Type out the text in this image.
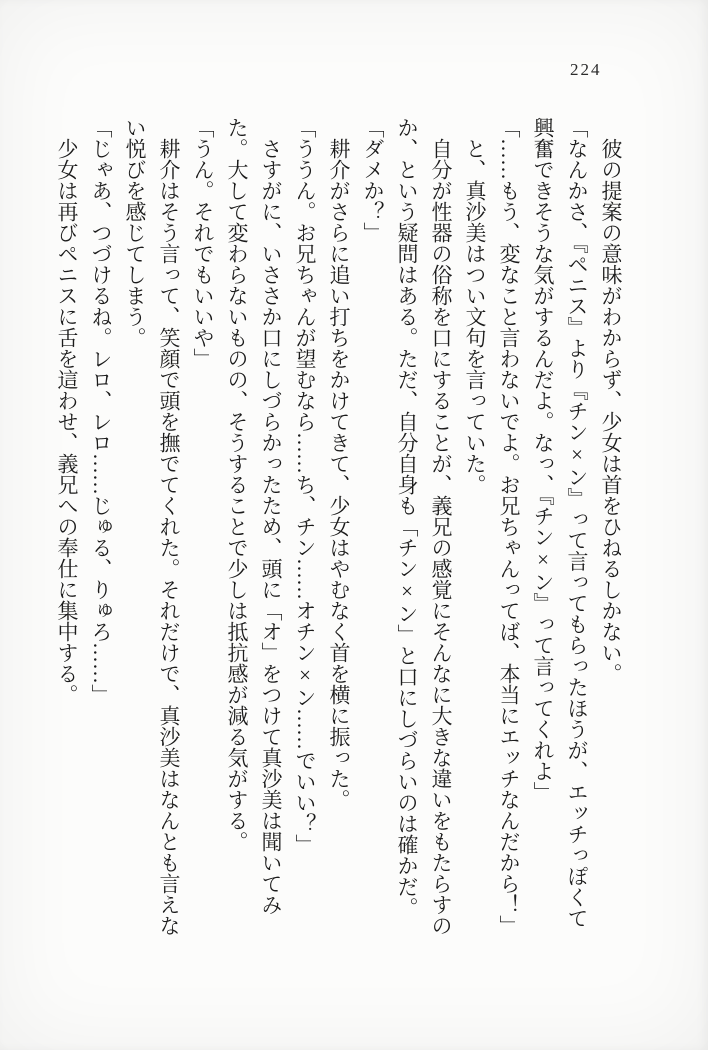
224

彼の提案の意味がわからず、少女は首をひねるしかない。

「なんかさ、『ペニス』より『チン×ン』って言ってもらったほうが、エッチっぽくて興奮できそうな気がするんだよ。なっ、『チン×ン』って言ってくれよ」

「……もう、変なこと言わないでよ。お兄ちゃんってば、本当にエッチなんだから！」

と、真沙美はつい文句を言っていた。

自分が性器の俗称を口にすることが、義兄の感覚にそんなに大きな違いをもたらすのか、という疑問はある。ただ、自分自身も「チン×ン」と口にしづらいのは確かだ。

「ダメか？」

耕介がさらに追い打ちをかけてきて、少女はやむなく首を横に振った。

「ううん。お兄ちゃんが望むなら……ち、チン……オチン×ン……でいい？」

さすがに、いささか口にしづらかったため、頭に「オ」をつけて真沙美は聞いてみた。大して変わらないものの、そうすることで少しは抵抗感が減る気がする。

「うん。それでもいいや」

耕介はそう言って、笑顔で頭を撫でてくれた。それだけで、真沙美はなんとも言えない悦びを感じてしまう。

「じゃあ、つづけるね。レロ、レロ……じゅる、りゅろ……」

少女は再びペニスに舌を這わせ、義兄への奉仕に集中する。
